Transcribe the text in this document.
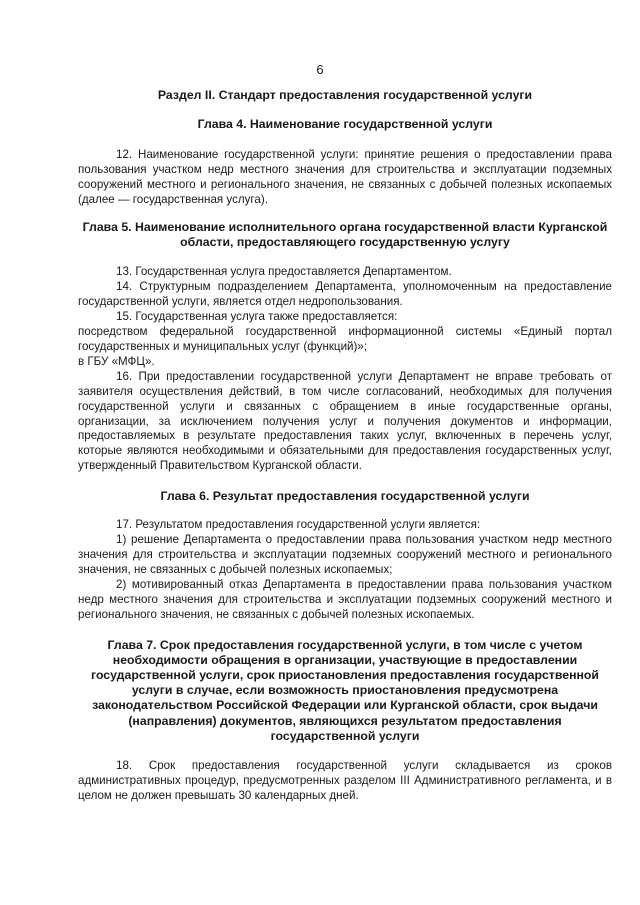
6
Раздел II. Стандарт предоставления государственной услуги
Глава 4. Наименование государственной услуги

12. Наименование государственной услуги: принятие решения о предоставлении права пользования участком недр местного значения для строительства и эксплуатации подземных сооружений местного и регионального значения, не связанных с добычей полезных ископаемых (далее — государственная услуга).

Глава 5. Наименование исполнительного органа государственной власти Курганской области, предоставляющего государственную услугу

13. Государственная услуга предоставляется Департаментом.

14. Структурным подразделением Департамента, уполномоченным на предоставление государственной услуги, является отдел недропользования.

15. Государственная услуга также предоставляется:

посредством федеральной государственной информационной системы «Единый портал государственных и муниципальных услуг (функций)»;

в ГБУ «МФЦ».

16. При предоставлении государственной услуги Департамент не вправе требовать от заявителя осуществления действий, в том числе согласований, необходимых для получения государственной услуги и связанных с обращением в иные государственные органы, организации, за исключением получения услуг и получения документов и информации, предоставляемых в результате предоставления таких услуг, включенных в перечень услуг, которые являются необходимыми и обязательными для предоставления государственных услуг, утвержденный Правительством Курганской области.

Глава 6. Результат предоставления государственной услуги

17. Результатом предоставления государственной услуги является:

1) решение Департамента о предоставлении права пользования участком недр местного значения для строительства и эксплуатации подземных сооружений местного и регионального значения, не связанных с добычей полезных ископаемых;

2) мотивированный отказ Департамента в предоставлении права пользования участком недр местного значения для строительства и эксплуатации подземных сооружений местного и регионального значения, не связанных с добычей полезных ископаемых.

Глава 7. Срок предоставления государственной услуги, в том числе с учетом необходимости обращения в организации, участвующие в предоставлении государственной услуги, срок приостановления предоставления государственной услуги в случае, если возможность приостановления предусмотрена законодательством Российской Федерации или Курганской области, срок выдачи (направления) документов, являющихся результатом предоставления государственной услуги

18. Срок предоставления государственной услуги складывается из сроков административных процедур, предусмотренных разделом III Административного регламента, и в целом не должен превышать 30 календарных дней.
